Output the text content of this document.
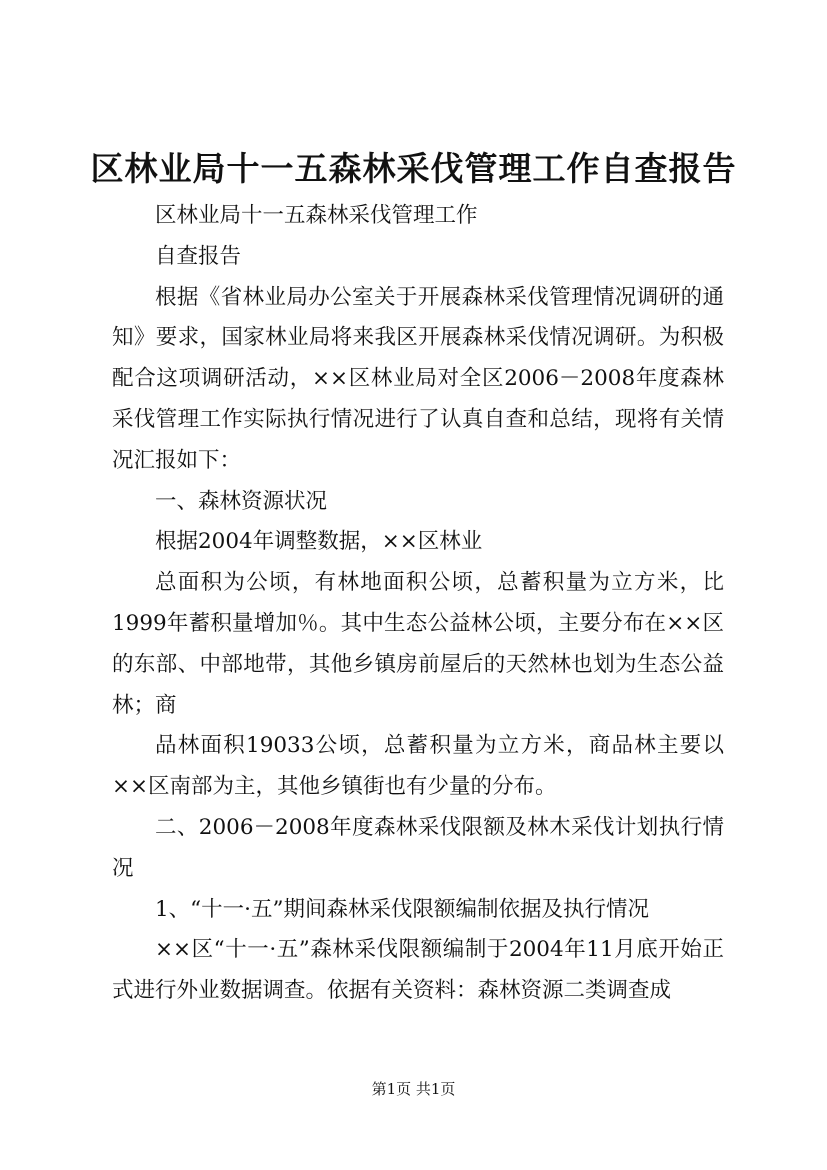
区林业局十一五森林采伐管理工作自查报告

区林业局十一五森林采伐管理工作

自查报告

根据《省林业局办公室关于开展森林采伐管理情况调研的通知》要求，国家林业局将来我区开展森林采伐情况调研。为积极配合这项调研活动，××区林业局对全区2006－2008年度森林采伐管理工作实际执行情况进行了认真自查和总结，现将有关情况汇报如下：

一、森林资源状况

根据2004年调整数据，××区林业

总面积为公顷，有林地面积公顷，总蓄积量为立方米，比1999年蓄积量增加％。其中生态公益林公顷，主要分布在××区的东部、中部地带，其他乡镇房前屋后的天然林也划为生态公益林；商

品林面积19033公顷，总蓄积量为立方米，商品林主要以××区南部为主，其他乡镇街也有少量的分布。

二、2006－2008年度森林采伐限额及林木采伐计划执行情况

1、“十一·五”期间森林采伐限额编制依据及执行情况

××区“十一·五”森林采伐限额编制于2004年11月底开始正式进行外业数据调查。依据有关资料：森林资源二类调查成

第1页 共1页
